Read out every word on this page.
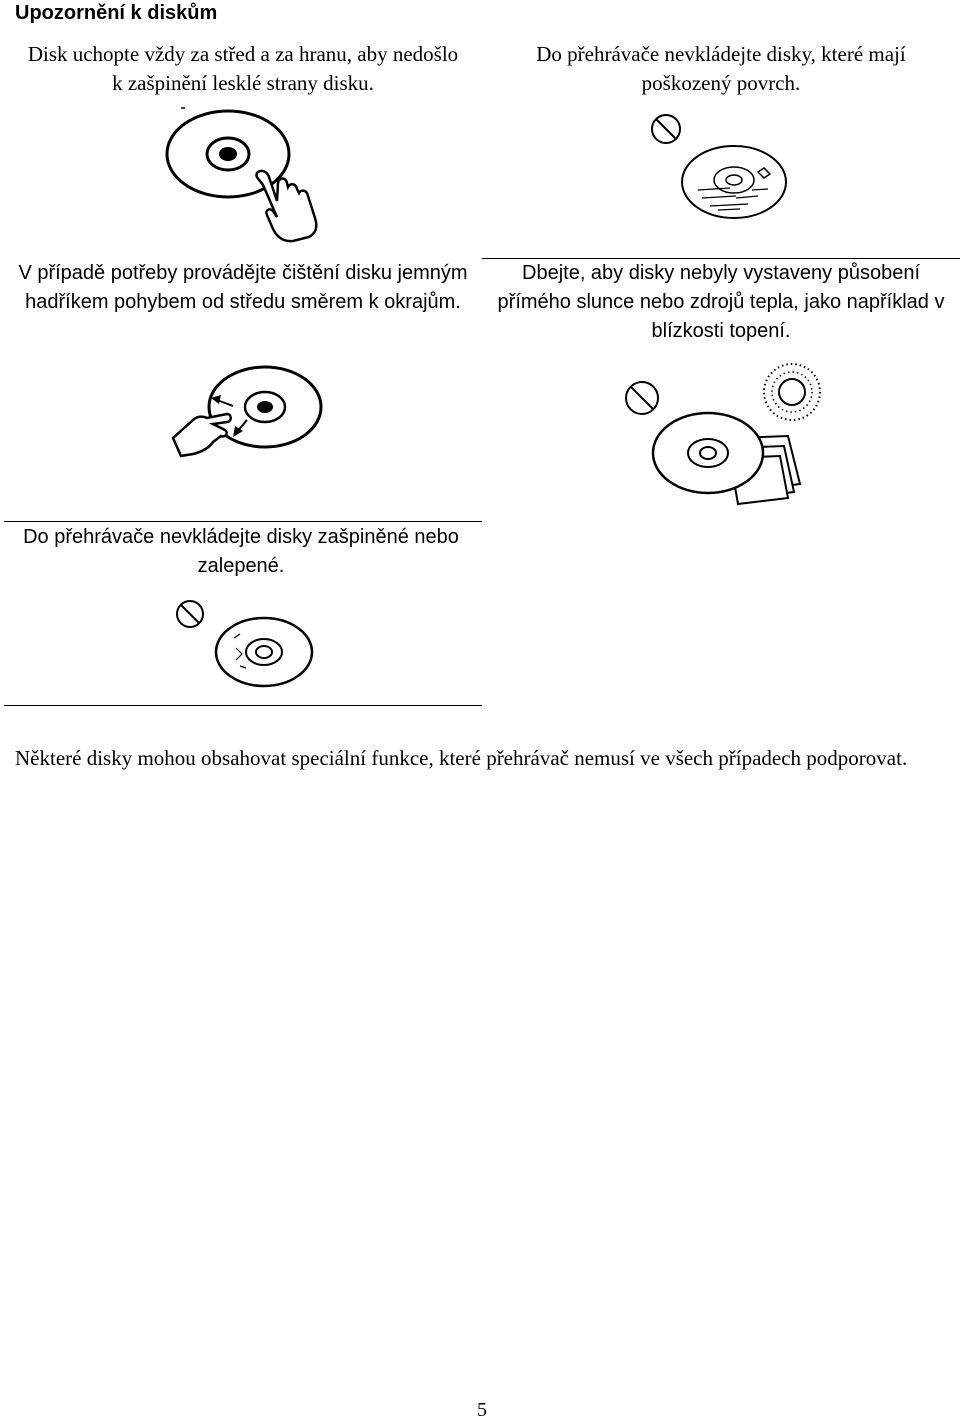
Upozornění k diskům

Disk uchopte vždy za střed a za hranu, aby nedošlo k zašpinění lesklé strany disku.

Do přehrávače nevkládejte disky, které mají poškozený povrch.

V případě potřeby provádějte čištění disku jemným hadříkem pohybem od středu směrem k okrajům.

Dbejte, aby disky nebyly vystaveny působení přímého slunce nebo zdrojů tepla, jako například v blízkosti topení.

Do přehrávače nevkládejte disky zašpiněné nebo zalepené.

Některé disky mohou obsahovat speciální funkce, které přehrávač nemusí ve všech případech podporovat.

5
